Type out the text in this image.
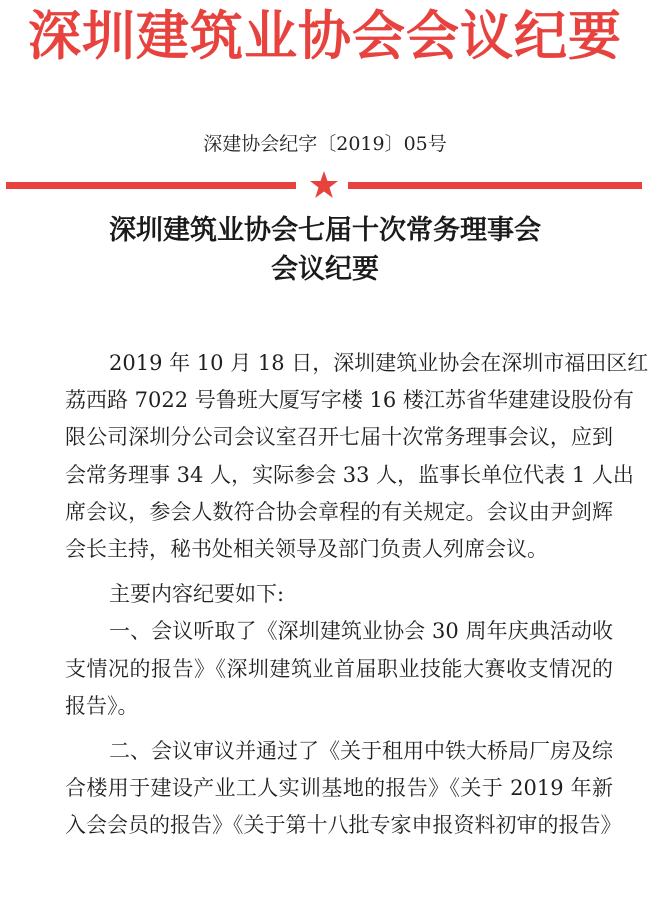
深圳建筑业协会会议纪要
深建协会纪字〔2019〕05号
深圳建筑业协会七届十次常务理事会
会议纪要
2019 年 10 月 18 日，深圳建筑业协会在深圳市福田区红
荔西路 7022 号鲁班大厦写字楼 16 楼江苏省华建建设股份有
限公司深圳分公司会议室召开七届十次常务理事会议，应到
会常务理事 34 人，实际参会 33 人，监事长单位代表 1 人出
席会议，参会人数符合协会章程的有关规定。会议由尹剑辉
会长主持，秘书处相关领导及部门负责人列席会议。
主要内容纪要如下:
一、会议听取了《深圳建筑业协会 30 周年庆典活动收
支情况的报告》《深圳建筑业首届职业技能大赛收支情况的
报告》。
二、会议审议并通过了《关于租用中铁大桥局厂房及综
合楼用于建设产业工人实训基地的报告》《关于 2019 年新
入会会员的报告》《关于第十八批专家申报资料初审的报告》
